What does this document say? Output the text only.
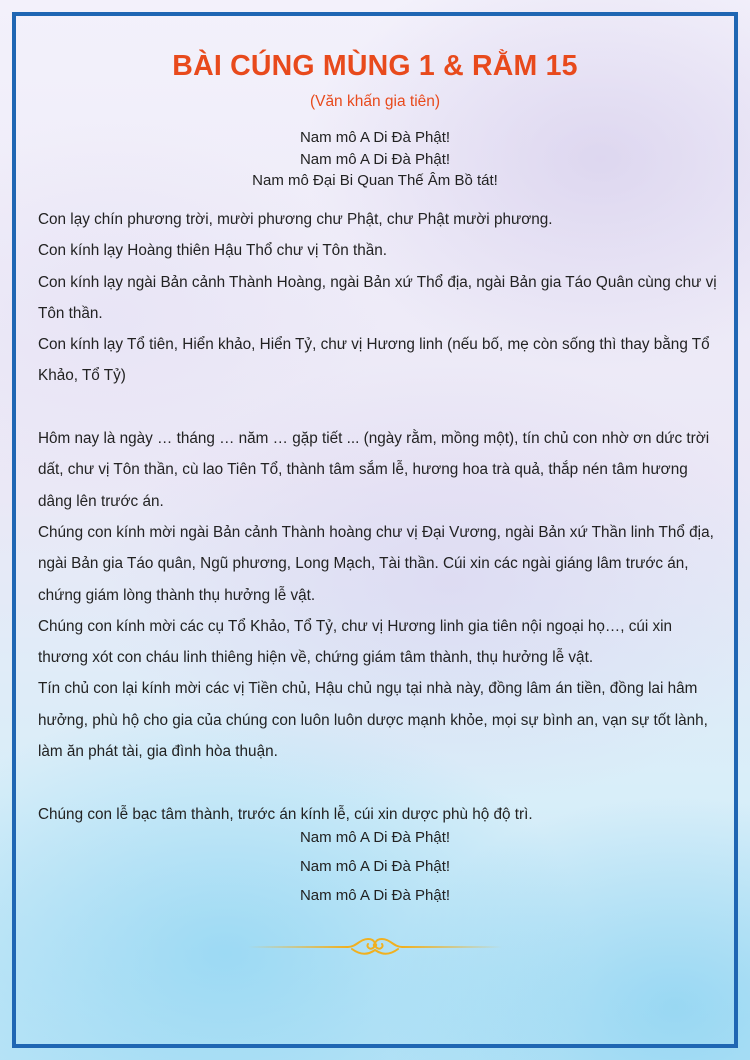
BÀI CÚNG MÙNG 1 & RẰM 15
(Văn khấn gia tiên)
Nam mô A Di Đà Phật!
Nam mô A Di Đà Phật!
Nam mô Đại Bi Quan Thế Âm Bồ tát!

Con lạy chín phương trời, mười phương chư Phật, chư Phật mười phương.

Con kính lạy Hoàng thiên Hậu Thổ chư vị Tôn thần.

Con kính lạy ngài Bản cảnh Thành Hoàng, ngài Bản xứ Thổ địa, ngài Bản gia Táo Quân cùng chư vị Tôn thần.

Con kính lạy Tổ tiên, Hiển khảo, Hiển Tỷ, chư vị Hương linh (nếu bố, mẹ còn sống thì thay bằng Tổ Khảo, Tổ Tỷ)

Hôm nay là ngày … tháng … năm … gặp tiết ... (ngày rằm, mồng một), tín chủ con nhờ ơn dức trời dất, chư vị Tôn thần, cù lao Tiên Tổ, thành tâm sắm lễ, hương hoa trà quả, thắp nén tâm hương dâng lên trước án.

Chúng con kính mời ngài Bản cảnh Thành hoàng chư vị Đại Vương, ngài Bản xứ Thần linh Thổ địa, ngài Bản gia Táo quân, Ngũ phương, Long Mạch, Tài thần. Cúi xin các ngài giáng lâm trước án, chứng giám lòng thành thụ hưởng lễ vật.

Chúng con kính mời các cụ Tổ Khảo, Tổ Tỷ, chư vị Hương linh gia tiên nội ngoại họ…, cúi xin thương xót con cháu linh thiêng hiện về, chứng giám tâm thành, thụ hưởng lễ vật.

Tín chủ con lại kính mời các vị Tiền chủ, Hậu chủ ngụ tại nhà này, đồng lâm án tiền, đồng lai hâm hưởng, phù hộ cho gia của chúng con luôn luôn dược mạnh khỏe, mọi sự bình an, vạn sự tốt lành, làm ăn phát tài, gia đình hòa thuận.

Chúng con lễ bạc tâm thành, trước án kính lễ, cúi xin dược phù hộ độ trì.

Nam mô A Di Đà Phật!
Nam mô A Di Đà Phật!
Nam mô A Di Đà Phật!
